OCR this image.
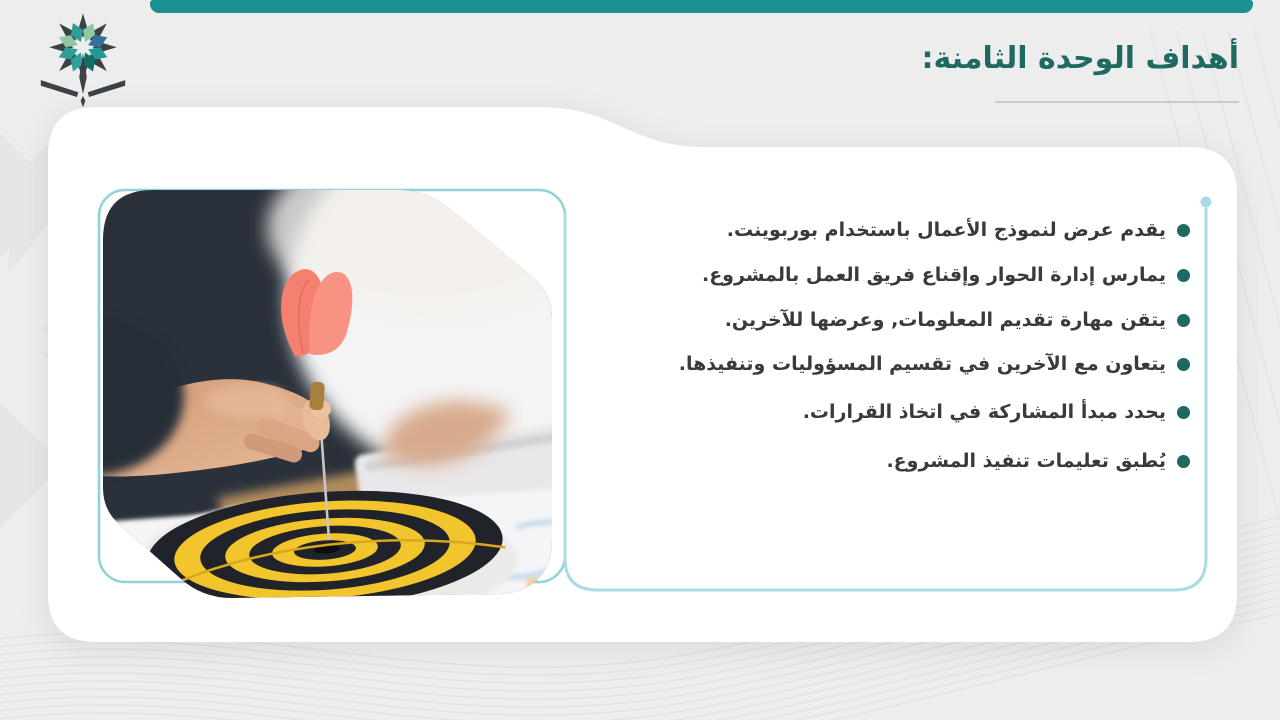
أهداف الوحدة الثامنة:
يقدم عرض لنموذج الأعمال باستخدام بوربوينت.
يمارس إدارة الحوار وإقناع فريق العمل بالمشروع.
يتقن مهارة تقديم المعلومات, وعرضها للآخرين.
يتعاون مع الآخرين في تقسيم المسؤوليات وتنفيذها.
يحدد مبدأ المشاركة في اتخاذ القرارات.
يُطبق تعليمات تنفيذ المشروع.
